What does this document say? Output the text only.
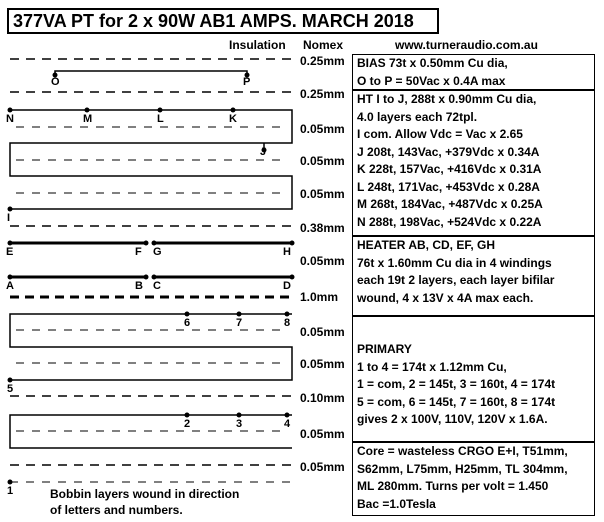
377VA PT for 2 x 90W AB1 AMPS. MARCH 2018
Insulation Nomex	www.turneraudio.com.au
0.25mm
0.25mm
0.05mm
0.05mm
0.05mm
0.38mm
0.05mm
1.0mm
0.05mm
0.05mm
0.10mm
0.05mm
0.05mm
O	P
N	M	L	K
J
I
E	F G	H
A	B C	D
6	7	8
5
2	3	4
1
BIAS 73t x 0.50mm Cu dia,
O to P = 50Vac x 0.4A max
HT I to J, 288t x 0.90mm Cu dia,
4.0 layers each 72tpl.
I com. Allow Vdc = Vac x 2.65
J 208t, 143Vac, +379Vdc x 0.34A
K 228t, 157Vac, +416Vdc x 0.31A
L 248t, 171Vac, +453Vdc x 0.28A
M 268t, 184Vac, +487Vdc x 0.25A
N 288t, 198Vac, +524Vdc x 0.22A
HEATER AB, CD, EF, GH
76t x 1.60mm Cu dia in 4 windings
each 19t 2 layers, each layer bifilar
wound, 4 x 13V x 4A max each.
PRIMARY
1 to 4 = 174t x 1.12mm Cu,
1 = com, 2 = 145t, 3 = 160t, 4 = 174t
5 = com, 6 = 145t, 7 = 160t, 8 = 174t
gives 2 x 100V, 110V, 120V x 1.6A.
Core = wasteless CRGO E+I, T51mm,
S62mm, L75mm, H25mm, TL 304mm,
ML 280mm. Turns per volt = 1.450
Bac =1.0Tesla
Bobbin layers wound in direction
of letters and numbers.
